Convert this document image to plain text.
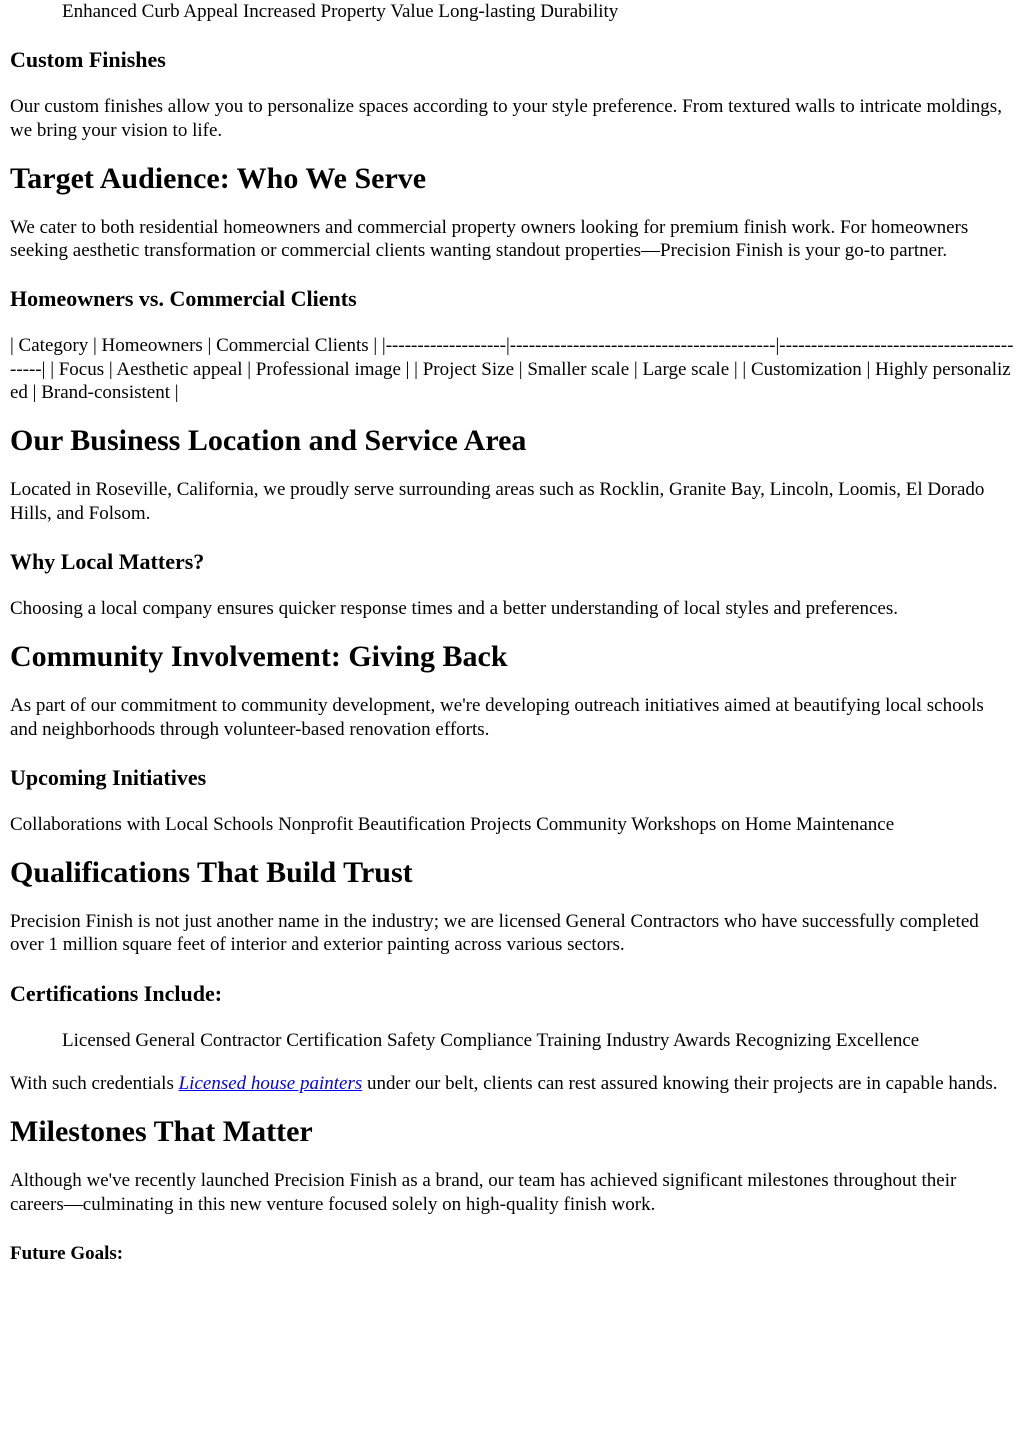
Enhanced Curb Appeal Increased Property Value Long-lasting Durability

Custom Finishes

Our custom finishes allow you to personalize spaces according to your style preference. From textured walls to intricate moldings, we bring your vision to life.

Target Audience: Who We Serve

We cater to both residential homeowners and commercial property owners looking for premium finish work. For homeowners seeking aesthetic transformation or commercial clients wanting standout properties—Precision Finish is your go-to partner.

Homeowners vs. Commercial Clients

| Category | Homeowners | Commercial Clients | |-------------------|------------------------------------------|------------------------------------------| | Focus | Aesthetic appeal | Professional image | | Project Size | Smaller scale | Large scale | | Customization | Highly personalized | Brand-consistent |

Our Business Location and Service Area

Located in Roseville, California, we proudly serve surrounding areas such as Rocklin, Granite Bay, Lincoln, Loomis, El Dorado Hills, and Folsom.

Why Local Matters?

Choosing a local company ensures quicker response times and a better understanding of local styles and preferences.

Community Involvement: Giving Back

As part of our commitment to community development, we're developing outreach initiatives aimed at beautifying local schools and neighborhoods through volunteer-based renovation efforts.

Upcoming Initiatives

Collaborations with Local Schools Nonprofit Beautification Projects Community Workshops on Home Maintenance

Qualifications That Build Trust

Precision Finish is not just another name in the industry; we are licensed General Contractors who have successfully completed over 1 million square feet of interior and exterior painting across various sectors.

Certifications Include:

Licensed General Contractor Certification Safety Compliance Training Industry Awards Recognizing Excellence

With such credentials Licensed house painters under our belt, clients can rest assured knowing their projects are in capable hands.

Milestones That Matter

Although we've recently launched Precision Finish as a brand, our team has achieved significant milestones throughout their careers—culminating in this new venture focused solely on high-quality finish work.

Future Goals:
